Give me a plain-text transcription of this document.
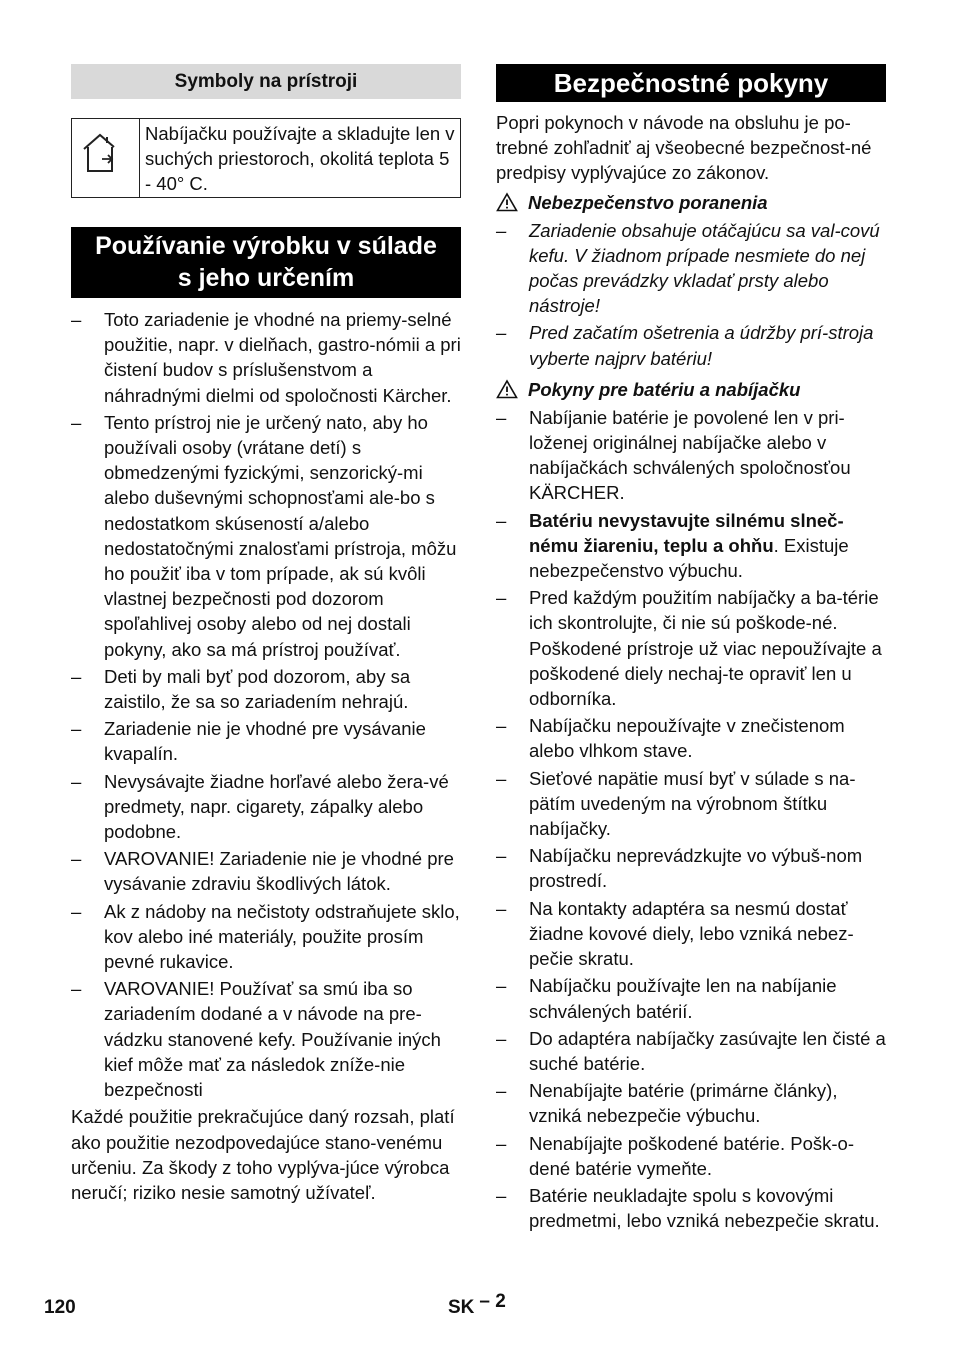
Symboly na prístroji
Nabíjačku používajte a skladujte len v suchých priestoroch, okolitá teplota 5 - 40° C.
Používanie výrobku v súlade
s jeho určením
– Toto zariadenie je vhodné na priemy-selné použitie, napr. v dielňach, gastro-nómii a pri čistení budov s príslušenstvom a náhradnými dielmi od spoločnosti Kärcher.
– Tento prístroj nie je určený nato, aby ho používali osoby (vrátane detí) s obmedzenými fyzickými, senzorický-mi alebo duševnými schopnosťami ale-bo s nedostatkom skúseností a/alebo nedostatočnými znalosťami prístroja, môžu ho použiť iba v tom prípade, ak sú kvôli vlastnej bezpečnosti pod dozorom spoľahlivej osoby alebo od nej dostali pokyny, ako sa má prístroj používať.
– Deti by mali byť pod dozorom, aby sa zaistilo, že sa so zariadením nehrajú.
– Zariadenie nie je vhodné pre vysávanie kvapalín.
– Nevysávajte žiadne horľavé alebo žera-vé predmety, napr. cigarety, zápalky alebo podobne.
– VAROVANIE! Zariadenie nie je vhodné pre vysávanie zdraviu škodlivých látok.
– Ak z nádoby na nečistoty odstraňujete sklo, kov alebo iné materiály, použite prosím pevné rukavice.
– VAROVANIE! Používať sa smú iba so zariadením dodané a v návode na pre-vádzku stanovené kefy. Používanie iných kief môže mať za následok zníže-nie bezpečnosti

Každé použitie prekračujúce daný rozsah, platí ako použitie nezodpovedajúce stano-venému určeniu. Za škody z toho vyplýva-júce výrobca neručí; riziko nesie samotný užívateľ.

Bezpečnostné pokyny

Popri pokynoch v návode na obsluhu je po-trebné zohľadniť aj všeobecné bezpečnost-né predpisy vyplývajúce zo zákonov.

Nebezpečenstvo poranenia
– Zariadenie obsahuje otáčajúcu sa val-covú kefu. V žiadnom prípade nesmiete do nej počas prevádzky vkladať prsty alebo nástroje!
– Pred začatím ošetrenia a údržby prí-stroja vyberte najprv batériu!
Pokyny pre batériu a nabíjačku
– Nabíjanie batérie je povolené len v pri-loženej originálnej nabíjačke alebo v nabíjačkách schválených spoločnosťou KÄRCHER.
– Batériu nevystavujte silnému slneč-nému žiareniu, teplu a ohňu. Existuje nebezpečenstvo výbuchu.
– Pred každým použitím nabíjačky a ba-térie ich skontrolujte, či nie sú poškode-né. Poškodené prístroje už viac nepoužívajte a poškodené diely nechaj-te opraviť len u odborníka.
– Nabíjačku nepoužívajte v znečistenom alebo vlhkom stave.
– Sieťové napätie musí byť v súlade s na-pätím uvedeným na výrobnom štítku nabíjačky.
– Nabíjačku neprevádzkujte vo výbuš-nom prostredí.
– Na kontakty adaptéra sa nesmú dostať žiadne kovové diely, lebo vzniká nebez-pečie skratu.
– Nabíjačku používajte len na nabíjanie schválených batérií.
– Do adaptéra nabíjačky zasúvajte len čisté a suché batérie.
– Nenabíjajte batérie (primárne články), vzniká nebezpečie výbuchu.
– Nenabíjajte poškodené batérie. Pošk-o-dené batérie vymeňte.
– Batérie neukladajte spolu s kovovými predmetmi, lebo vzniká nebezpečie skratu.
120	SK – 2
